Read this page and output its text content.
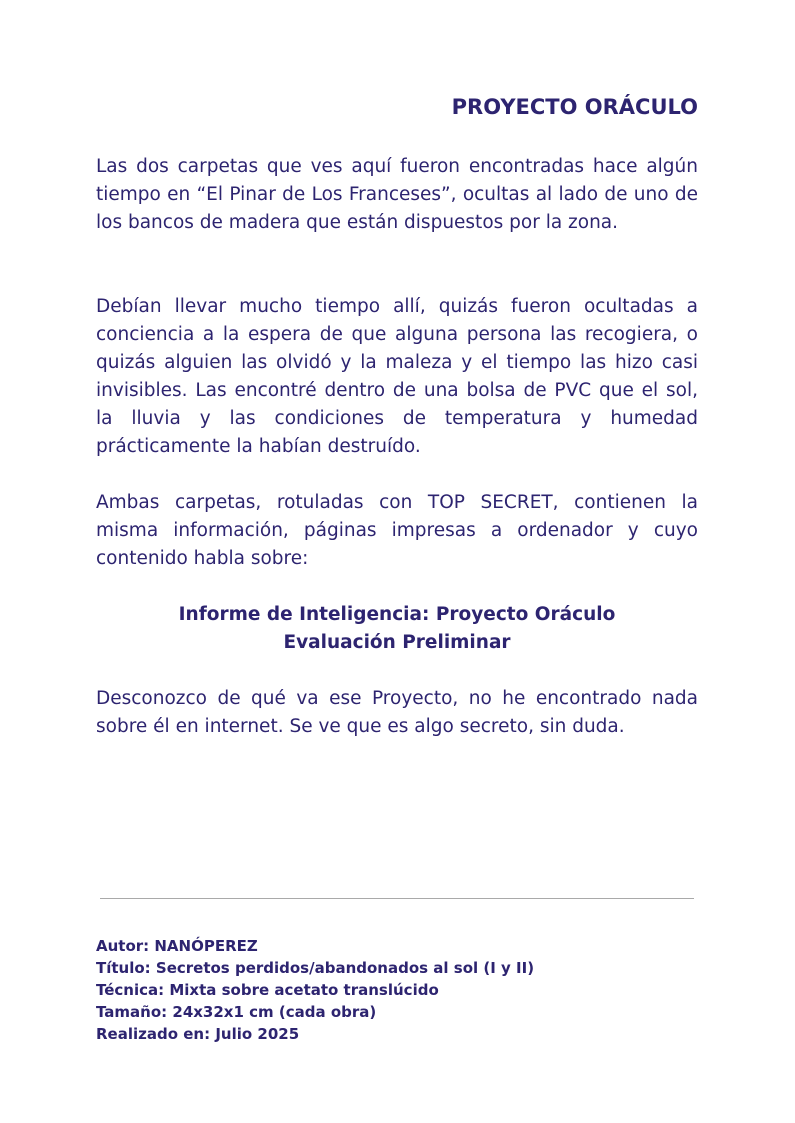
PROYECTO ORÁCULO

Las dos carpetas que ves aquí fueron encontradas hace algún tiempo en “El Pinar de Los Franceses”, ocultas al lado de uno de los bancos de madera que están dispuestos por la zona.

Debían llevar mucho tiempo allí, quizás fueron ocultadas a conciencia a la espera de que alguna persona las recogiera, o quizás alguien las olvidó y la maleza y el tiempo las hizo casi invisibles. Las encontré dentro de una bolsa de PVC que el sol, la lluvia y las condiciones de temperatura y humedad prácticamente la habían destruído.

Ambas carpetas, rotuladas con TOP SECRET, contienen la misma información, páginas impresas a ordenador y cuyo contenido habla sobre:

Informe de Inteligencia: Proyecto Oráculo
Evaluación Preliminar

Desconozco de qué va ese Proyecto, no he encontrado nada sobre él en internet. Se ve que es algo secreto, sin duda.

Autor: NANÓPEREZ
Título: Secretos perdidos/abandonados al sol (I y II)
Técnica: Mixta sobre acetato translúcido
Tamaño: 24x32x1 cm (cada obra)
Realizado en: Julio 2025
